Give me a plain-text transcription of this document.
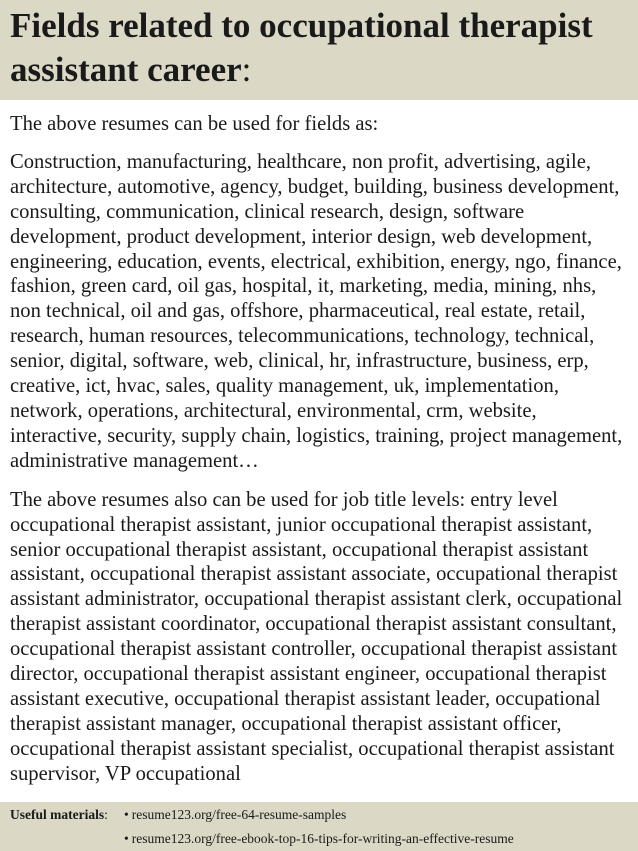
Fields related to occupational therapist assistant career:

The above resumes can be used for fields as:

Construction, manufacturing, healthcare, non profit, advertising, agile, architecture, automotive, agency, budget, building, business development, consulting, communication, clinical research, design, software development, product development, interior design, web development, engineering, education, events, electrical, exhibition, energy, ngo, finance, fashion, green card, oil gas, hospital, it, marketing, media, mining, nhs, non technical, oil and gas, offshore, pharmaceutical, real estate, retail, research, human resources, telecommunications, technology, technical, senior, digital, software, web, clinical, hr, infrastructure, business, erp, creative, ict, hvac, sales, quality management, uk, implementation, network, operations, architectural, environmental, crm, website, interactive, security, supply chain, logistics, training, project management, administrative management…

The above resumes also can be used for job title levels: entry level occupational therapist assistant, junior occupational therapist assistant, senior occupational therapist assistant, occupational therapist assistant assistant, occupational therapist assistant associate, occupational therapist assistant administrator, occupational therapist assistant clerk, occupational therapist assistant coordinator, occupational therapist assistant consultant, occupational therapist assistant controller, occupational therapist assistant director, occupational therapist assistant engineer, occupational therapist assistant executive, occupational therapist assistant leader, occupational therapist assistant manager, occupational therapist assistant officer, occupational therapist assistant specialist, occupational therapist assistant supervisor, VP occupational

Useful materials: • resume123.org/free-64-resume-samples
• resume123.org/free-ebook-top-16-tips-for-writing-an-effective-resume
